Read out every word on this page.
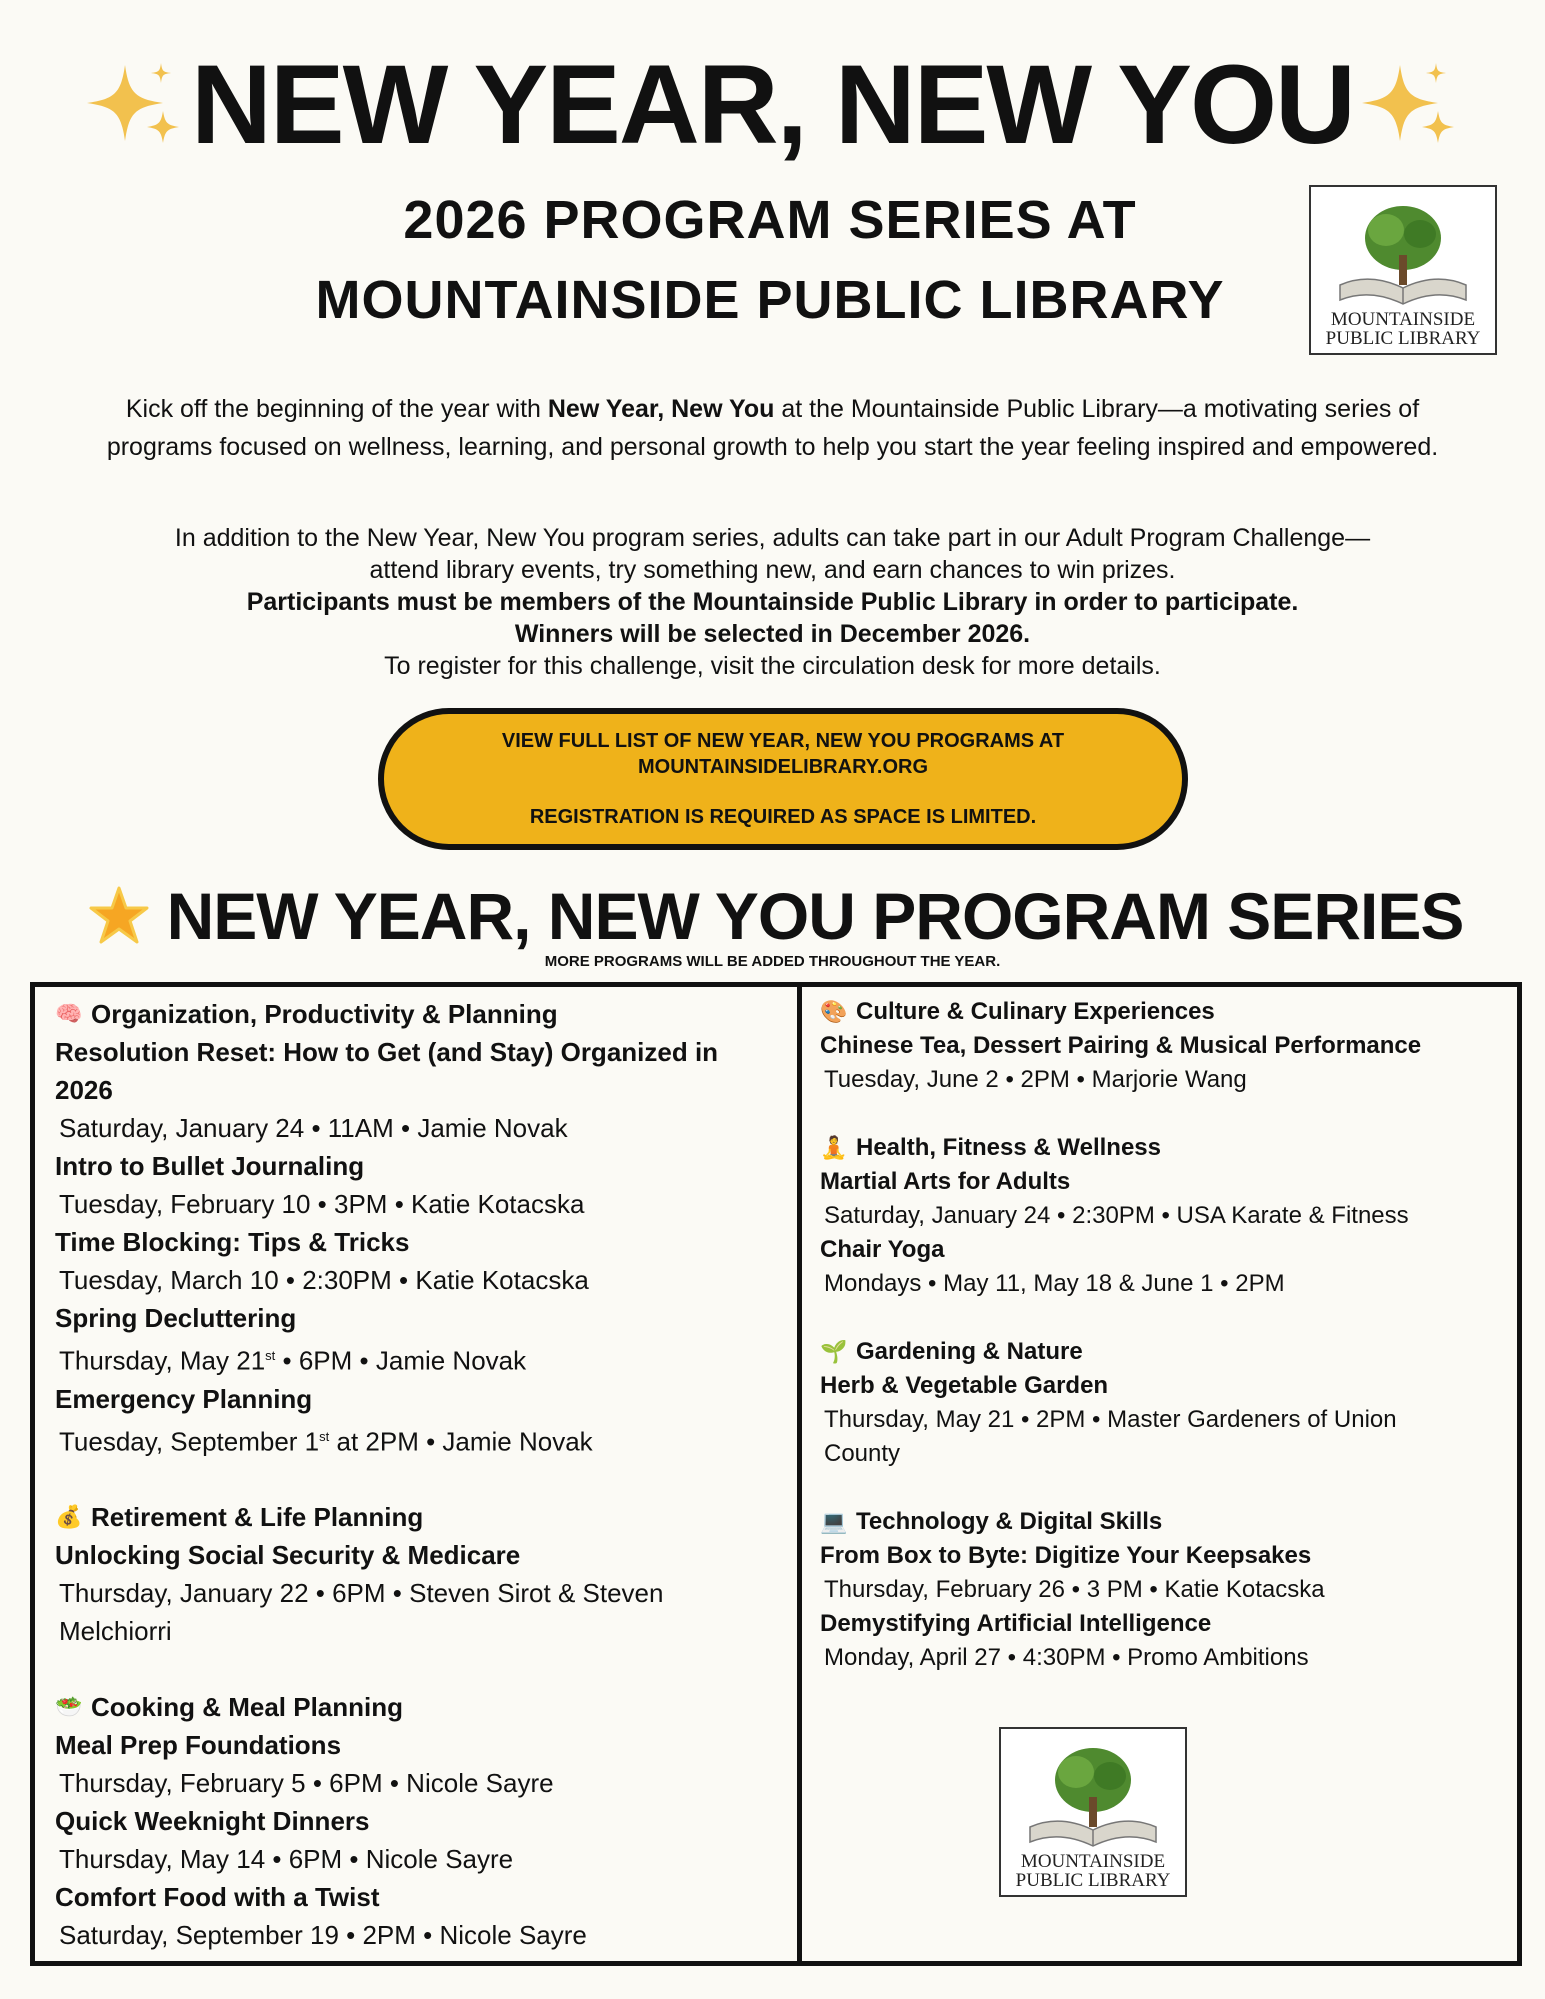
NEW YEAR, NEW YOU
2026 PROGRAM SERIES AT
MOUNTAINSIDE PUBLIC LIBRARY	MOUNTAINSIDE
PUBLIC LIBRARY

Kick off the beginning of the year with New Year, New You at the Mountainside Public Library—a motivating series of programs focused on wellness, learning, and personal growth to help you start the year feeling inspired and empowered.

In addition to the New Year, New You program series, adults can take part in our Adult Program Challenge—
attend library events, try something new, and earn chances to win prizes.
Participants must be members of the Mountainside Public Library in order to participate.
Winners will be selected in December 2026.
To register for this challenge, visit the circulation desk for more details.

VIEW FULL LIST OF NEW YEAR, NEW YOU PROGRAMS AT

MOUNTAINSIDELIBRARY.ORG

REGISTRATION IS REQUIRED AS SPACE IS LIMITED.

NEW YEAR, NEW YOU PROGRAM SERIES
MORE PROGRAMS WILL BE ADDED THROUGHOUT THE YEAR.
🧠 Organization, Productivity & Planning
Resolution Reset: How to Get (and Stay) Organized in
2026
Saturday, January 24 • 11AM • Jamie Novak
Intro to Bullet Journaling
Tuesday, February 10 • 3PM • Katie Kotacska
Time Blocking: Tips & Tricks
Tuesday, March 10 • 2:30PM • Katie Kotacska
Spring Decluttering
Thursday, May 21st • 6PM • Jamie Novak
Emergency Planning
Tuesday, September 1st at 2PM • Jamie Novak
💰 Retirement & Life Planning
Unlocking Social Security & Medicare
Thursday, January 22 • 6PM • Steven Sirot & Steven
Melchiorri
🥗 Cooking & Meal Planning
Meal Prep Foundations
Thursday, February 5 • 6PM • Nicole Sayre
Quick Weeknight Dinners
Thursday, May 14 • 6PM • Nicole Sayre
Comfort Food with a Twist
Saturday, September 19 • 2PM • Nicole Sayre
🎨 Culture & Culinary Experiences
Chinese Tea, Dessert Pairing & Musical Performance
Tuesday, June 2 • 2PM • Marjorie Wang
🧘 Health, Fitness & Wellness
Martial Arts for Adults
Saturday, January 24 • 2:30PM • USA Karate & Fitness
Chair Yoga
Mondays • May 11, May 18 & June 1 • 2PM
🌱 Gardening & Nature
Herb & Vegetable Garden
Thursday, May 21 • 2PM • Master Gardeners of Union
County
💻 Technology & Digital Skills
From Box to Byte: Digitize Your Keepsakes
Thursday, February 26 • 3 PM • Katie Kotacska
Demystifying Artificial Intelligence
Monday, April 27 • 4:30PM • Promo Ambitions
MOUNTAINSIDE
PUBLIC LIBRARY
